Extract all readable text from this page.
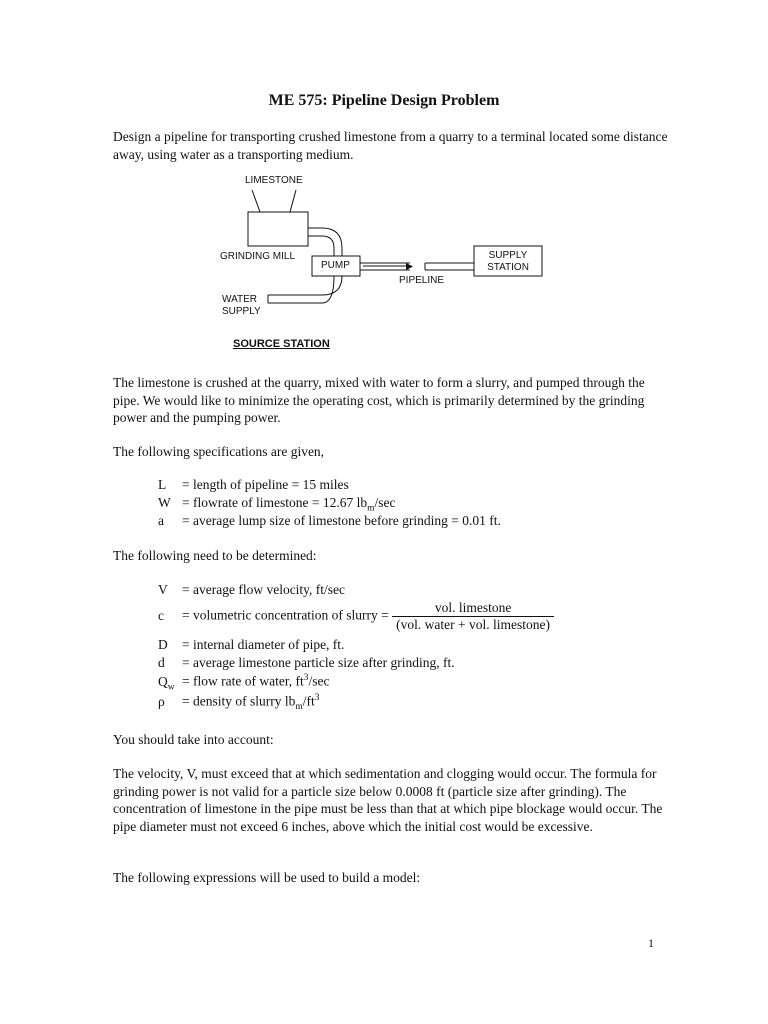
ME 575: Pipeline Design Problem
Design a pipeline for transporting crushed limestone from a quarry to a terminal located some distance away, using water as a transporting medium.
LIMESTONE
GRINDING MILL
PUMP
PIPELINE
SUPPLY
STATION
WATER
SUPPLY
SOURCE STATION
The limestone is crushed at the quarry, mixed with water to form a slurry, and pumped through the pipe. We would like to minimize the operating cost, which is primarily determined by the grinding power and the pumping power.
The following specifications are given,
L = length of pipeline = 15 miles
W = flowrate of limestone = 12.67 $lb_m/\sec$
a = average lump size of limestone before grinding = 0.01 ft.
The following need to be determined:
V = average flow velocity, ft/sec
c = volumetric concentration of slurry = $\frac{\text{vol. limestone}}{\text{(vol. water + vol. limestone)}}$
D = internal diameter of pipe, ft.
d = average limestone particle size after grinding, ft.
$Q_w$ = flow rate of water, $ft^3/\sec$
ρ = density of slurry $lb_m/ft^3$
You should take into account:
The velocity, V, must exceed that at which sedimentation and clogging would occur. The formula for grinding power is not valid for a particle size below 0.0008 ft (particle size after grinding). The concentration of limestone in the pipe must be less than that at which pipe blockage would occur. The pipe diameter must not exceed 6 inches, above which the initial cost would be excessive.
The following expressions will be used to build a model:
1
